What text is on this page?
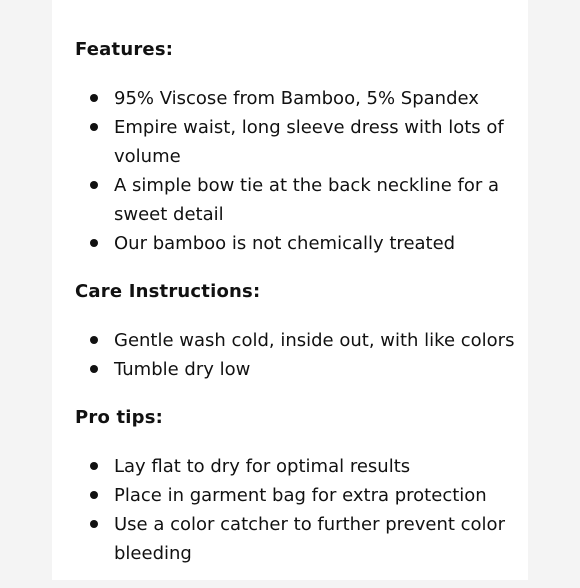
Features:
95% Viscose from Bamboo, 5% Spandex
Empire waist, long sleeve dress with lots of volume
A simple bow tie at the back neckline for a sweet detail
Our bamboo is not chemically treated
Care Instructions:
Gentle wash cold, inside out, with like colors
Tumble dry low
Pro tips:
Lay flat to dry for optimal results
Place in garment bag for extra protection
Use a color catcher to further prevent color bleeding
